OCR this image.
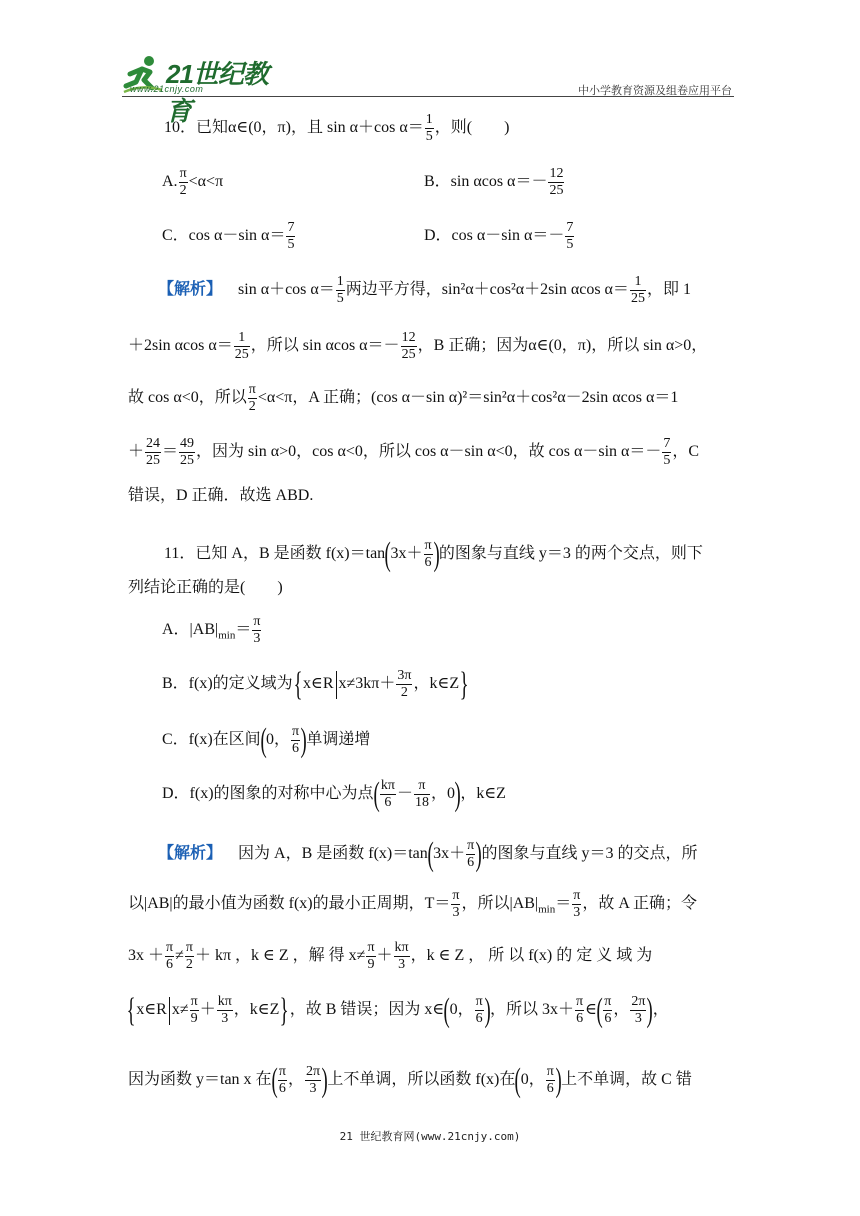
21世纪教育
www.21cnjy.com	中小学教育资源及组卷应用平台
10．已知α∈(0，π)，且 sin α＋cos $\alpha= \frac{1}{5}$ ，则(　　)
A. $\frac{\pi}{2} <\alpha<\pi$	B．sin αcos $\alpha=- \frac{12}{25}$
C．cos α－sin $\alpha= \frac{7}{5}$	D．cos α－sin $\alpha=- \frac{7}{5}$
【解析】 sin α＋cos $\alpha= \frac{1}{5}$ 两边平方得，sin²α＋cos²α＋2sin αcos $\alpha= \frac{1}{25}$ ，即 1
＋2sin αcos $\alpha= \frac{1}{25}$ ，所以 sin αcos $\alpha=- \frac{12}{25}$ ，B 正确；因为α∈(0，π)，所以 sin α>0，
故 cos α<0，所以 $\frac{\pi}{2} <\alpha<\pi$，A 正确；(cos α－sin α)²＝sin²α＋cos²α－2sin αcos α＝1
＋ $\frac{24}{25} = \frac{49}{25}$ ，因为 sin α>0，cos α<0，所以 cos α－sin α<0，故 cos α－sin $\alpha=- \frac{7}{5}$ ，C
错误，D 正确．故选 ABD.
11．已知 A，B 是函数 $f(x)=\tan(3x+ \frac{\pi}{6}$ )的图象与直线 y＝3 的两个交点，则下
列结论正确的是(　　)
A．$|AB|_{min}= \frac{\pi}{3}$
B．f(x)的定义域为{x∈R $x\ne 3k\pi+ \frac{3\pi}{2}$ ，k∈Z}
C．f(x)在区间(0， $\frac{\pi}{6}$ )单调递增
D．f(x)的图象的对称中心为点( $\frac{k\pi}{6} - \frac{\pi}{18}$ ，0)，k∈Z
【解析】 因为 A，B 是函数 $f(x)=\tan(3x+ \frac{\pi}{6}$ )的图象与直线 y＝3 的交点，所
以|AB|的最小值为函数 f(x)的最小正周期，$T= \frac{\pi}{3}$ ，所以$|AB|_{min}= \frac{\pi}{3}$ ，故 A 正确；令
$3x + \frac{\pi}{6} \ne \frac{\pi}{2} + k\pi$ ，k ∈ Z ，解 得 $x\ne \frac{\pi}{9} + \frac{k\pi}{3}$ ，k ∈ Z ， 所 以 f(x) 的 定 义 域 为
{x∈R $x\ne \frac{\pi}{9} + \frac{k\pi}{3}$ ，k∈Z}，故 B 错误；因为 x∈(0， $\frac{\pi}{6}$ )，所以 $3x+ \frac{\pi}{6}$ ∈( $\frac{\pi}{6}$ ， $\frac{2\pi}{3}$ )，
因为函数 y＝tan x 在( $\frac{\pi}{6}$ ， $\frac{2\pi}{3}$ )上不单调，所以函数 f(x)在(0， $\frac{\pi}{6}$ )上不单调，故 C 错
21 世纪教育网(www.21cnjy.com)
